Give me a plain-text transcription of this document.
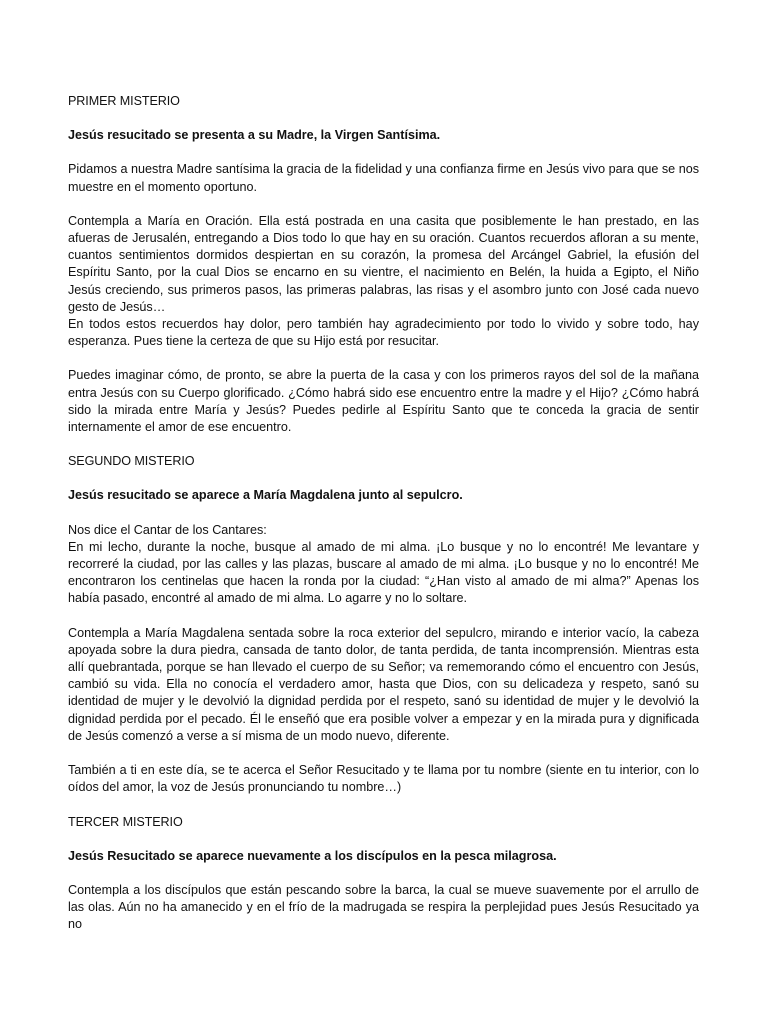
PRIMER MISTERIO

Jesús resucitado se presenta a su Madre, la Virgen Santísima.

Pidamos a nuestra Madre santísima la gracia de la fidelidad y una confianza firme en Jesús vivo para que se nos muestre en el momento oportuno.

Contempla a María en Oración. Ella está postrada en una casita que posiblemente le han prestado, en las afueras de Jerusalén, entregando a Dios todo lo que hay en su oración. Cuantos recuerdos afloran a su mente, cuantos sentimientos dormidos despiertan en su corazón, la promesa del Arcángel Gabriel, la efusión del Espíritu Santo, por la cual Dios se encarno en su vientre, el nacimiento en Belén, la huida a Egipto, el Niño Jesús creciendo, sus primeros pasos, las primeras palabras, las risas y el asombro junto con José cada nuevo gesto de Jesús…

En todos estos recuerdos hay dolor, pero también hay agradecimiento por todo lo vivido y sobre todo, hay esperanza. Pues tiene la certeza de que su Hijo está por resucitar.

Puedes imaginar cómo, de pronto, se abre la puerta de la casa y con los primeros rayos del sol de la mañana entra Jesús con su Cuerpo glorificado. ¿Cómo habrá sido ese encuentro entre la madre y el Hijo? ¿Cómo habrá sido la mirada entre María y Jesús? Puedes pedirle al Espíritu Santo que te conceda la gracia de sentir internamente el amor de ese encuentro.

SEGUNDO MISTERIO

Jesús resucitado se aparece a María Magdalena junto al sepulcro.

Nos dice el Cantar de los Cantares:

En mi lecho, durante la noche, busque al amado de mi alma. ¡Lo busque y no lo encontré! Me levantare y recorreré la ciudad, por las calles y las plazas, buscare al amado de mi alma. ¡Lo busque y no lo encontré! Me encontraron los centinelas que hacen la ronda por la ciudad: “¿Han visto al amado de mi alma?” Apenas los había pasado, encontré al amado de mi alma. Lo agarre y no lo soltare.

Contempla a María Magdalena sentada sobre la roca exterior del sepulcro, mirando e interior vacío, la cabeza apoyada sobre la dura piedra, cansada de tanto dolor, de tanta perdida, de tanta incomprensión. Mientras esta allí quebrantada, porque se han llevado el cuerpo de su Señor; va rememorando cómo el encuentro con Jesús, cambió su vida. Ella no conocía el verdadero amor, hasta que Dios, con su delicadeza y respeto, sanó su identidad de mujer y le devolvió la dignidad perdida por el respeto, sanó su identidad de mujer y le devolvió la dignidad perdida por el pecado. Él le enseñó que era posible volver a empezar y en la mirada pura y dignificada de Jesús comenzó a verse a sí misma de un modo nuevo, diferente.

También a ti en este día, se te acerca el Señor Resucitado y te llama por tu nombre (siente en tu interior, con lo oídos del amor, la voz de Jesús pronunciando tu nombre…)

TERCER MISTERIO

Jesús Resucitado se aparece nuevamente a los discípulos en la pesca milagrosa.

Contempla a los discípulos que están pescando sobre la barca, la cual se mueve suavemente por el arrullo de las olas. Aún no ha amanecido y en el frío de la madrugada se respira la perplejidad pues Jesús Resucitado ya no
